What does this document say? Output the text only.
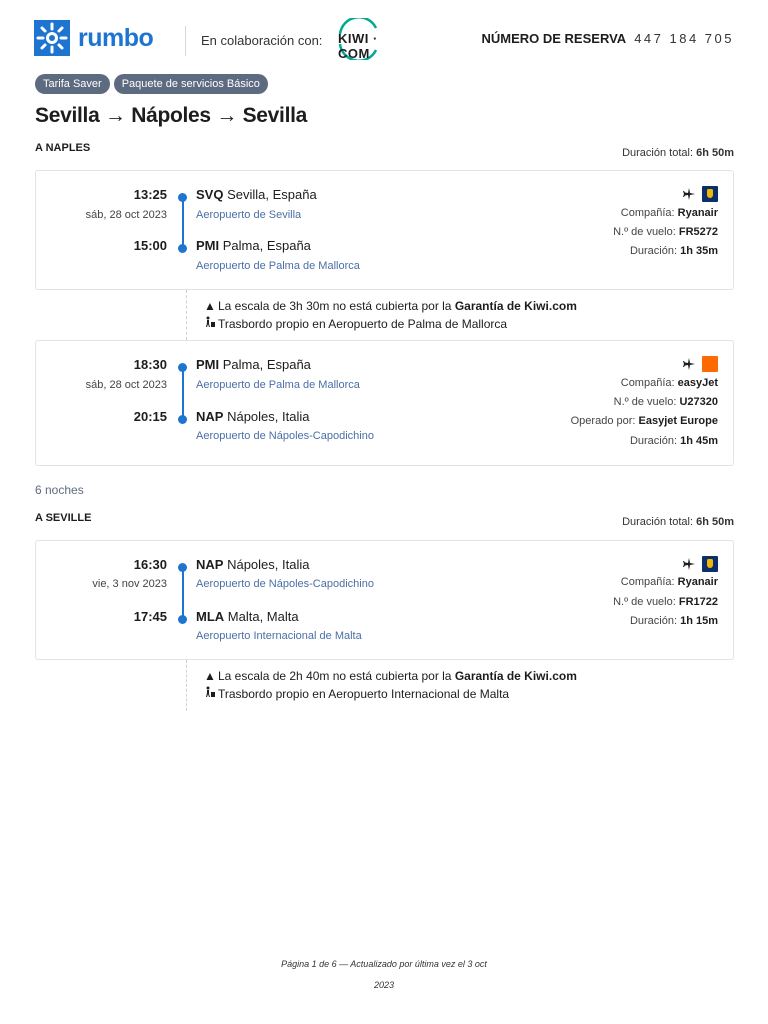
rumbo	En colaboración con: KIWI · COM
NÚMERO DE RESERVA 447 184 705
Tarifa Saver Paquete de servicios Básico
Sevilla → Nápoles → Sevilla
A NAPLES	Duración total: 6h 50m
13:25
sáb, 28 oct 2023
15:00
SVQ Sevilla, España
Aeropuerto de Sevilla
PMI Palma, España
Aeropuerto de Palma de Mallorca
Compañía: Ryanair
N.º de vuelo: FR5272
Duración: 1h 35m
▲ La escala de 3h 30m no está cubierta por la Garantía de Kiwi.com
Trasbordo propio en Aeropuerto de Palma de Mallorca
18:30
sáb, 28 oct 2023
20:15
PMI Palma, España
Aeropuerto de Palma de Mallorca
NAP Nápoles, Italia
Aeropuerto de Nápoles-Capodichino
Compañía: easyJet
N.º de vuelo: U27320
Operado por: Easyjet Europe
Duración: 1h 45m
6 noches
A SEVILLE	Duración total: 6h 50m
16:30
vie, 3 nov 2023
17:45
NAP Nápoles, Italia
Aeropuerto de Nápoles-Capodichino
MLA Malta, Malta
Aeropuerto Internacional de Malta
Compañía: Ryanair
N.º de vuelo: FR1722
Duración: 1h 15m
▲ La escala de 2h 40m no está cubierta por la Garantía de Kiwi.com
Trasbordo propio en Aeropuerto Internacional de Malta
Página 1 de 6 — Actualizado por última vez el 3 oct
2023
